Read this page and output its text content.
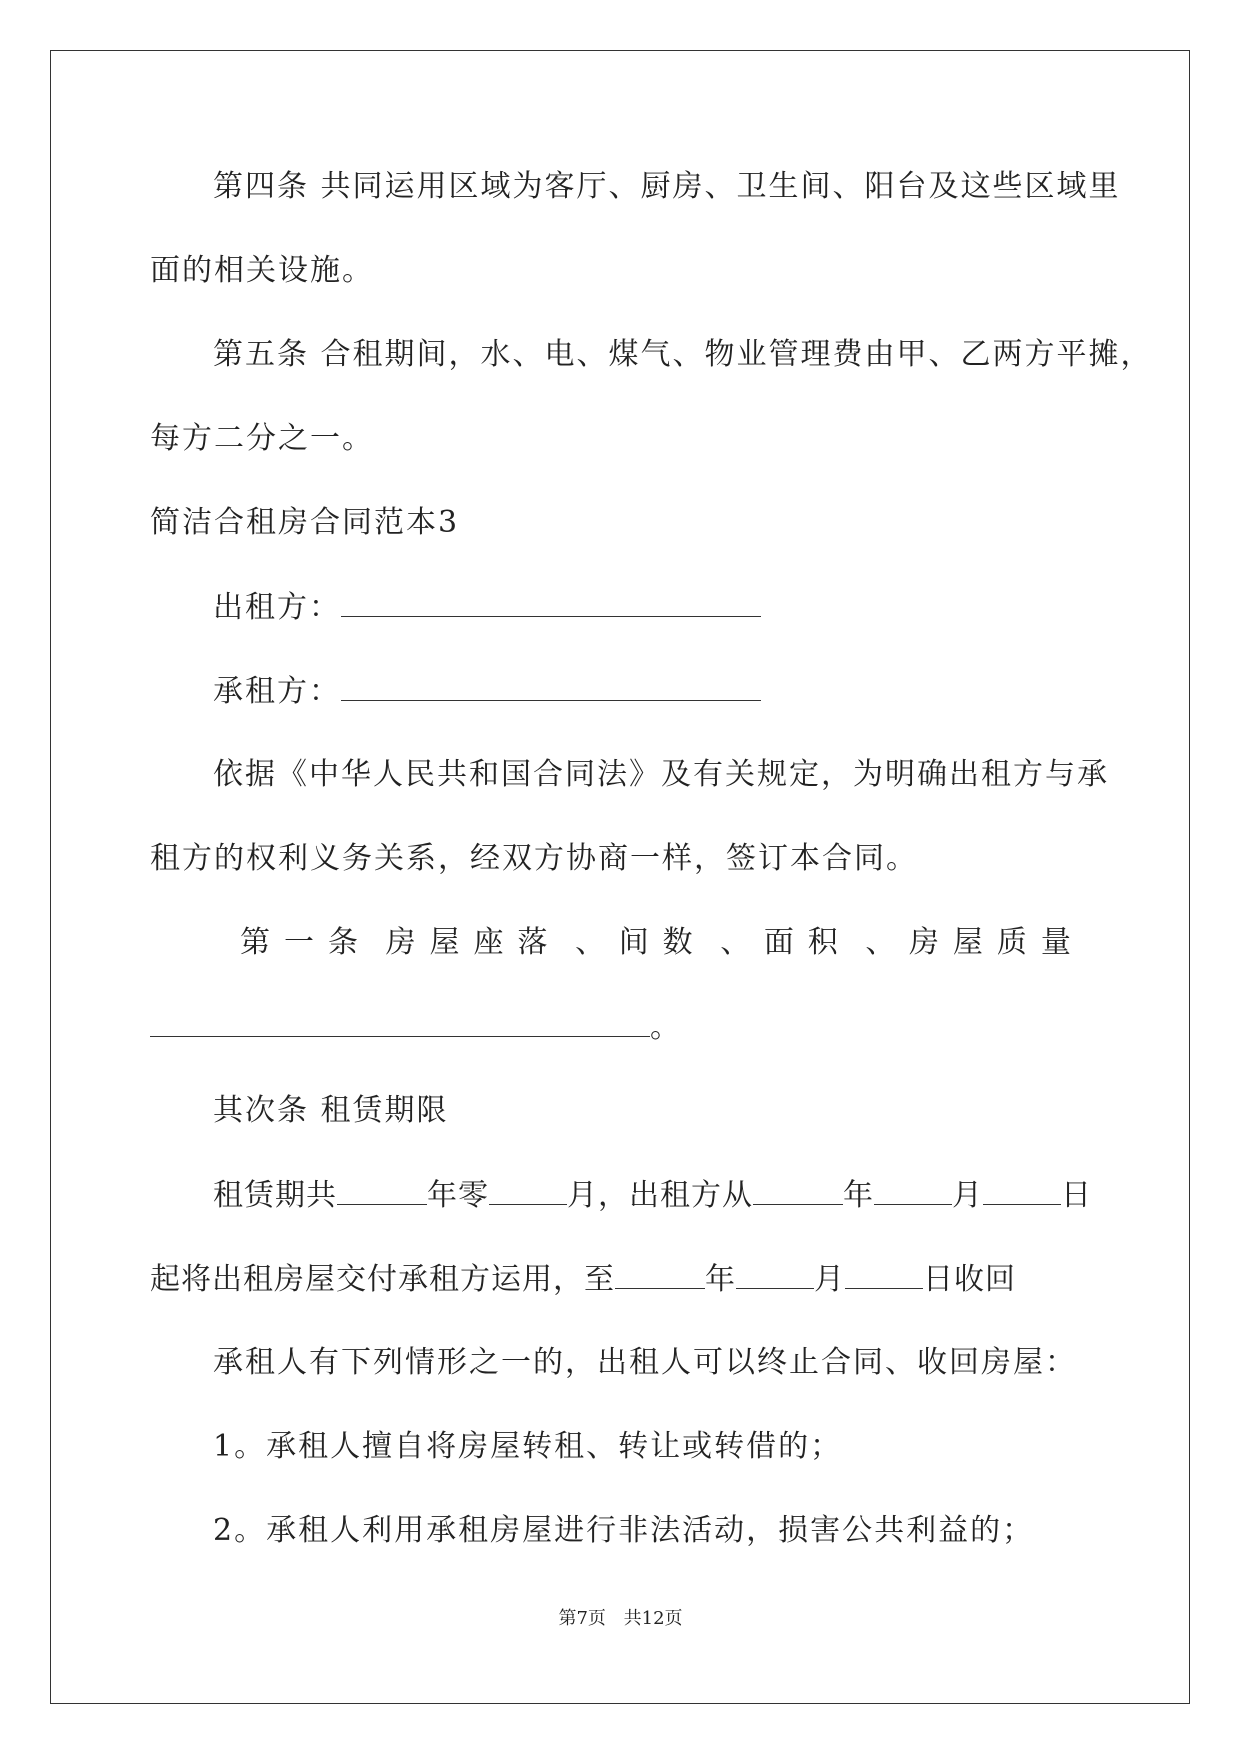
第四条 共同运用区域为客厅、厨房、卫生间、阳台及这些区域里
面的相关设施。
第五条 合租期间，水、电、煤气、物业管理费由甲、乙两方平摊，
每方二分之一。
简洁合租房合同范本3
出租方：
承租方：
依据《中华人民共和国合同法》及有关规定，为明确出租方与承
租方的权利义务关系，经双方协商一样，签订本合同。
第一条 房屋座落 、 间数 、 面积 、 房屋质量
。
其次条 租赁期限
租赁期共	年零	月，出租方从	年	月	日
起将出租房屋交付承租方运用，至	年	月	日收回
承租人有下列情形之一的，出租人可以终止合同、收回房屋：
1。承租人擅自将房屋转租、转让或转借的；
2。承租人利用承租房屋进行非法活动，损害公共利益的；
第7页 共12页
